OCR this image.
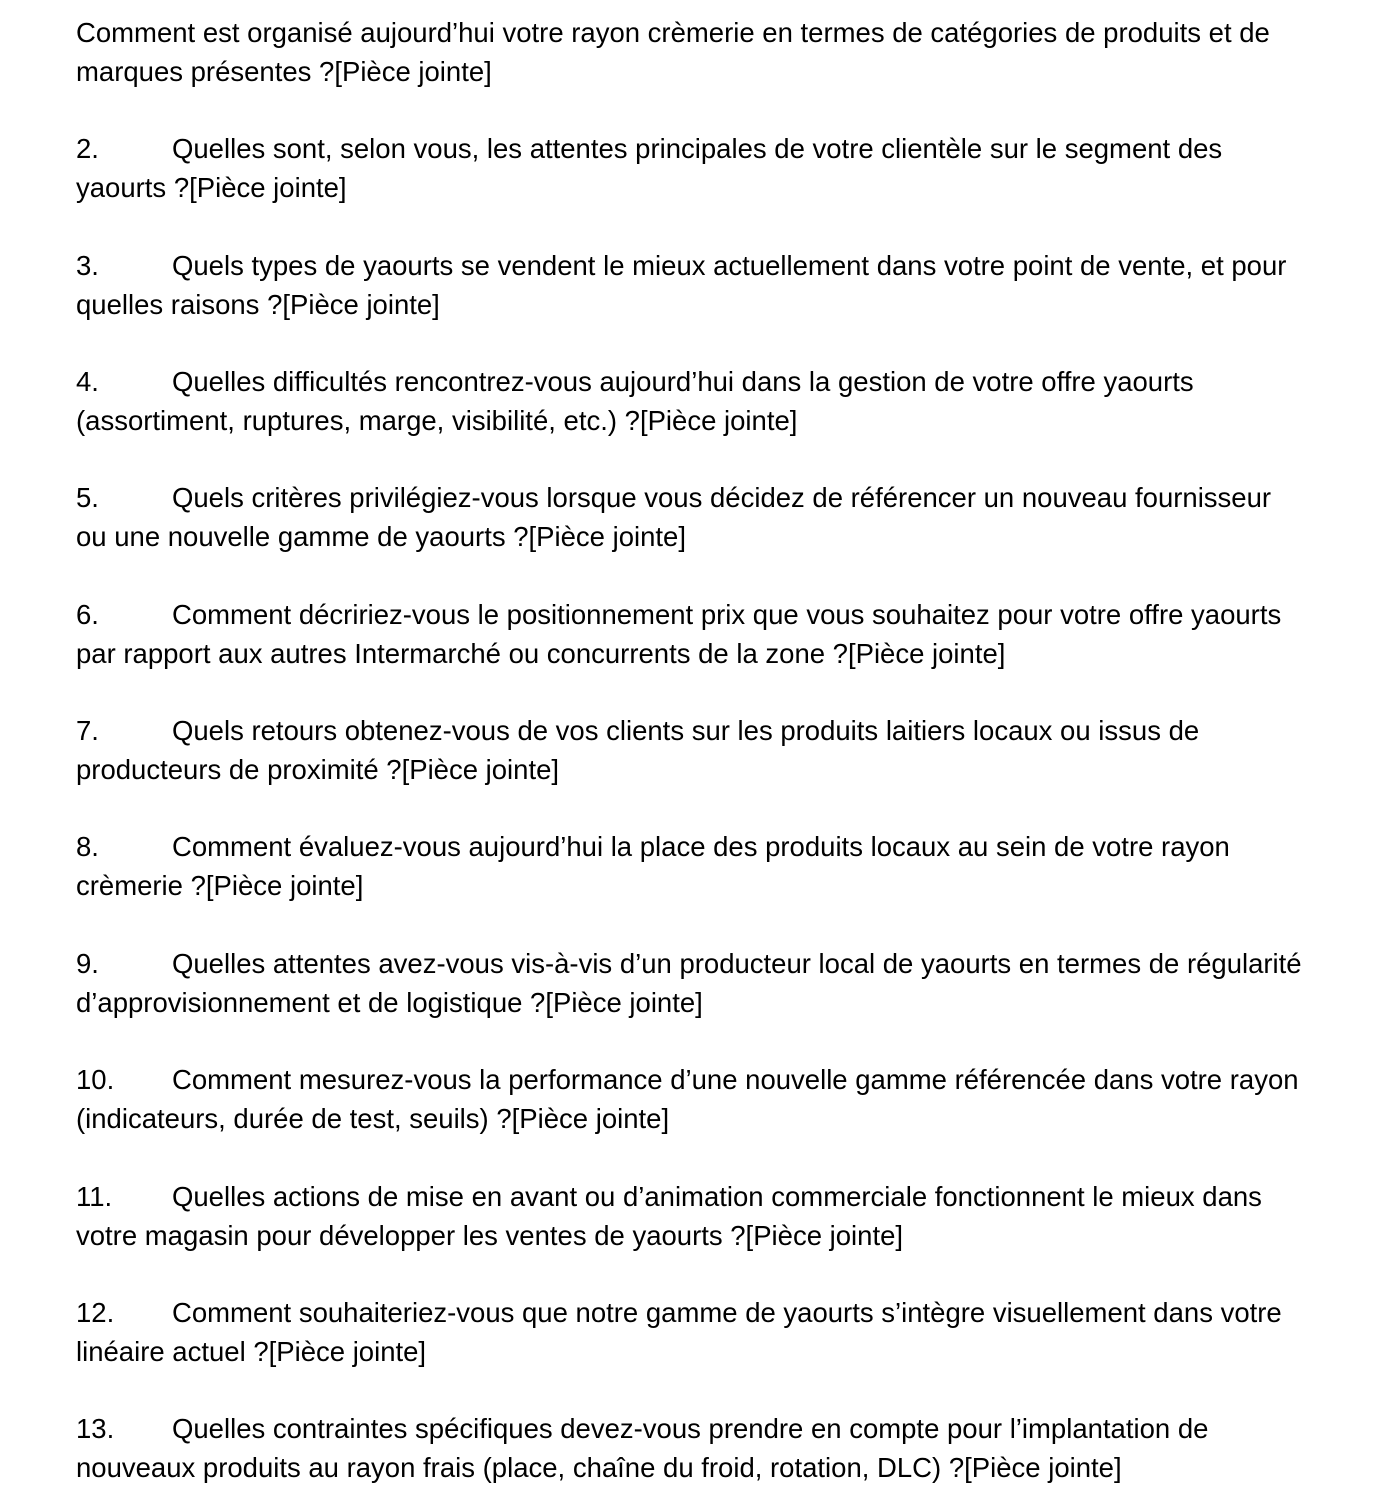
Comment est organisé aujourd’hui votre rayon crèmerie en termes de catégories de produits et de marques présentes ?[Pièce jointe]

2.	Quelles sont, selon vous, les attentes principales de votre clientèle sur le segment des yaourts ?[Pièce jointe]

3.	Quels types de yaourts se vendent le mieux actuellement dans votre point de vente, et pour quelles raisons ?[Pièce jointe]

4.	Quelles difficultés rencontrez-vous aujourd’hui dans la gestion de votre offre yaourts (assortiment, ruptures, marge, visibilité, etc.) ?[Pièce jointe]

5.	Quels critères privilégiez-vous lorsque vous décidez de référencer un nouveau fournisseur ou une nouvelle gamme de yaourts ?[Pièce jointe]

6.	Comment décririez-vous le positionnement prix que vous souhaitez pour votre offre yaourts par rapport aux autres Intermarché ou concurrents de la zone ?[Pièce jointe]

7.	Quels retours obtenez-vous de vos clients sur les produits laitiers locaux ou issus de producteurs de proximité ?[Pièce jointe]

8.	Comment évaluez-vous aujourd’hui la place des produits locaux au sein de votre rayon crèmerie ?[Pièce jointe]

9.	Quelles attentes avez-vous vis-à-vis d’un producteur local de yaourts en termes de régularité d’approvisionnement et de logistique ?[Pièce jointe]

10. Comment mesurez-vous la performance d’une nouvelle gamme référencée dans votre rayon (indicateurs, durée de test, seuils) ?[Pièce jointe]

11. Quelles actions de mise en avant ou d’animation commerciale fonctionnent le mieux dans votre magasin pour développer les ventes de yaourts ?[Pièce jointe]

12. Comment souhaiteriez-vous que notre gamme de yaourts s’intègre visuellement dans votre linéaire actuel ?[Pièce jointe]

13. Quelles contraintes spécifiques devez-vous prendre en compte pour l’implantation de nouveaux produits au rayon frais (place, chaîne du froid, rotation, DLC) ?[Pièce jointe]
